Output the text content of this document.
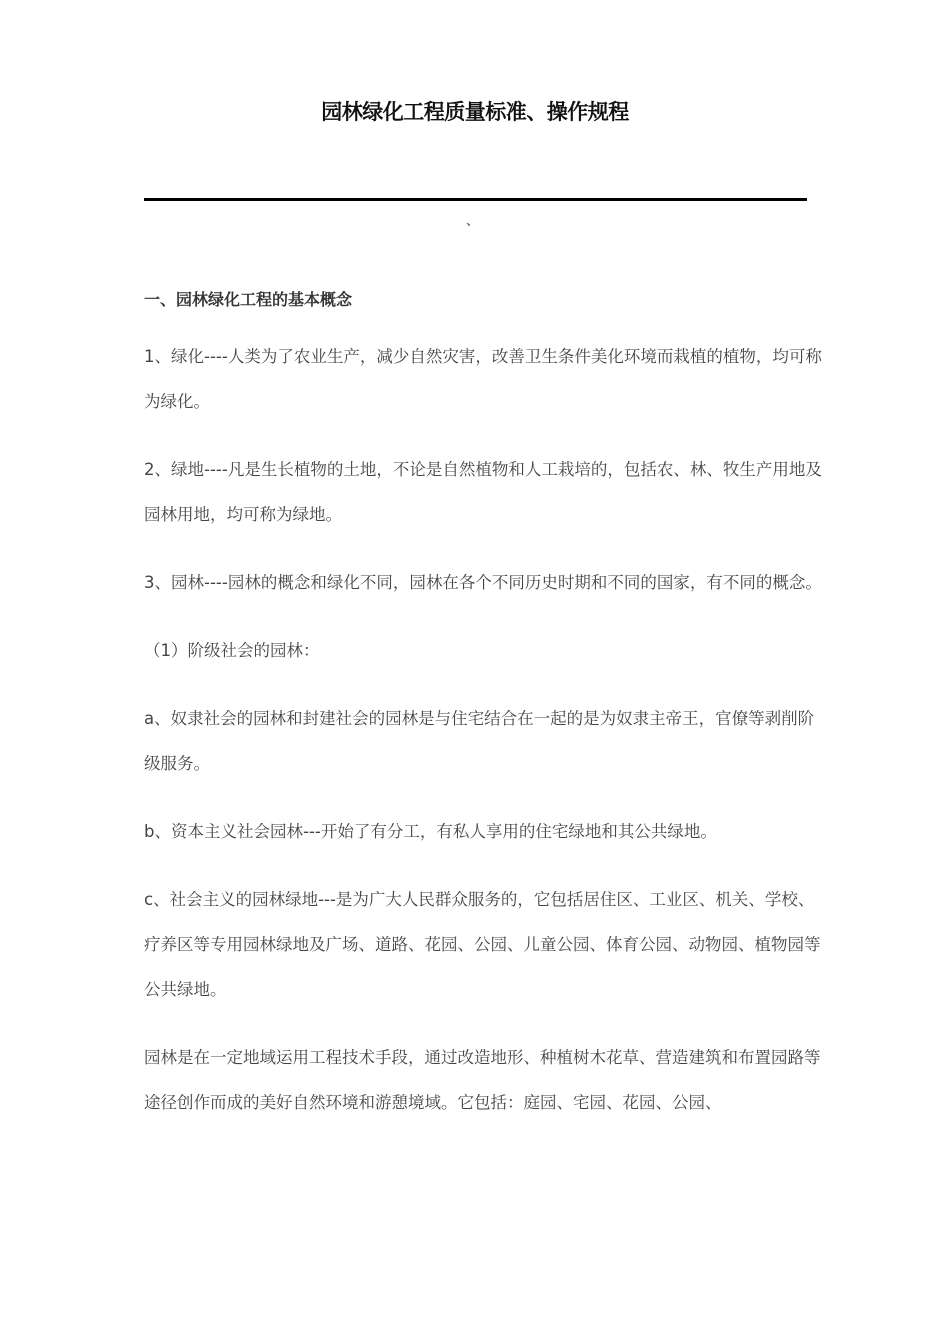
园林绿化工程质量标准、操作规程
、
一、园林绿化工程的基本概念

1、绿化----人类为了农业生产，减少自然灾害，改善卫生条件美化环境而栽植的植物，均可称为绿化。

2、绿地----凡是生长植物的土地，不论是自然植物和人工栽培的，包括农、林、牧生产用地及园林用地，均可称为绿地。

3、园林----园林的概念和绿化不同，园林在各个不同历史时期和不同的国家，有不同的概念。

（1）阶级社会的园林：

a、奴隶社会的园林和封建社会的园林是与住宅结合在一起的是为奴隶主帝王，官僚等剥削阶级服务。

b、资本主义社会园林---开始了有分工，有私人享用的住宅绿地和其公共绿地。

c、社会主义的园林绿地---是为广大人民群众服务的，它包括居住区、工业区、机关、学校、疗养区等专用园林绿地及广场、道路、花园、公园、儿童公园、体育公园、动物园、植物园等公共绿地。

园林是在一定地域运用工程技术手段，通过改造地形、种植树木花草、营造建筑和布置园路等途径创作而成的美好自然环境和游憩境域。它包括：庭园、宅园、花园、公园、
